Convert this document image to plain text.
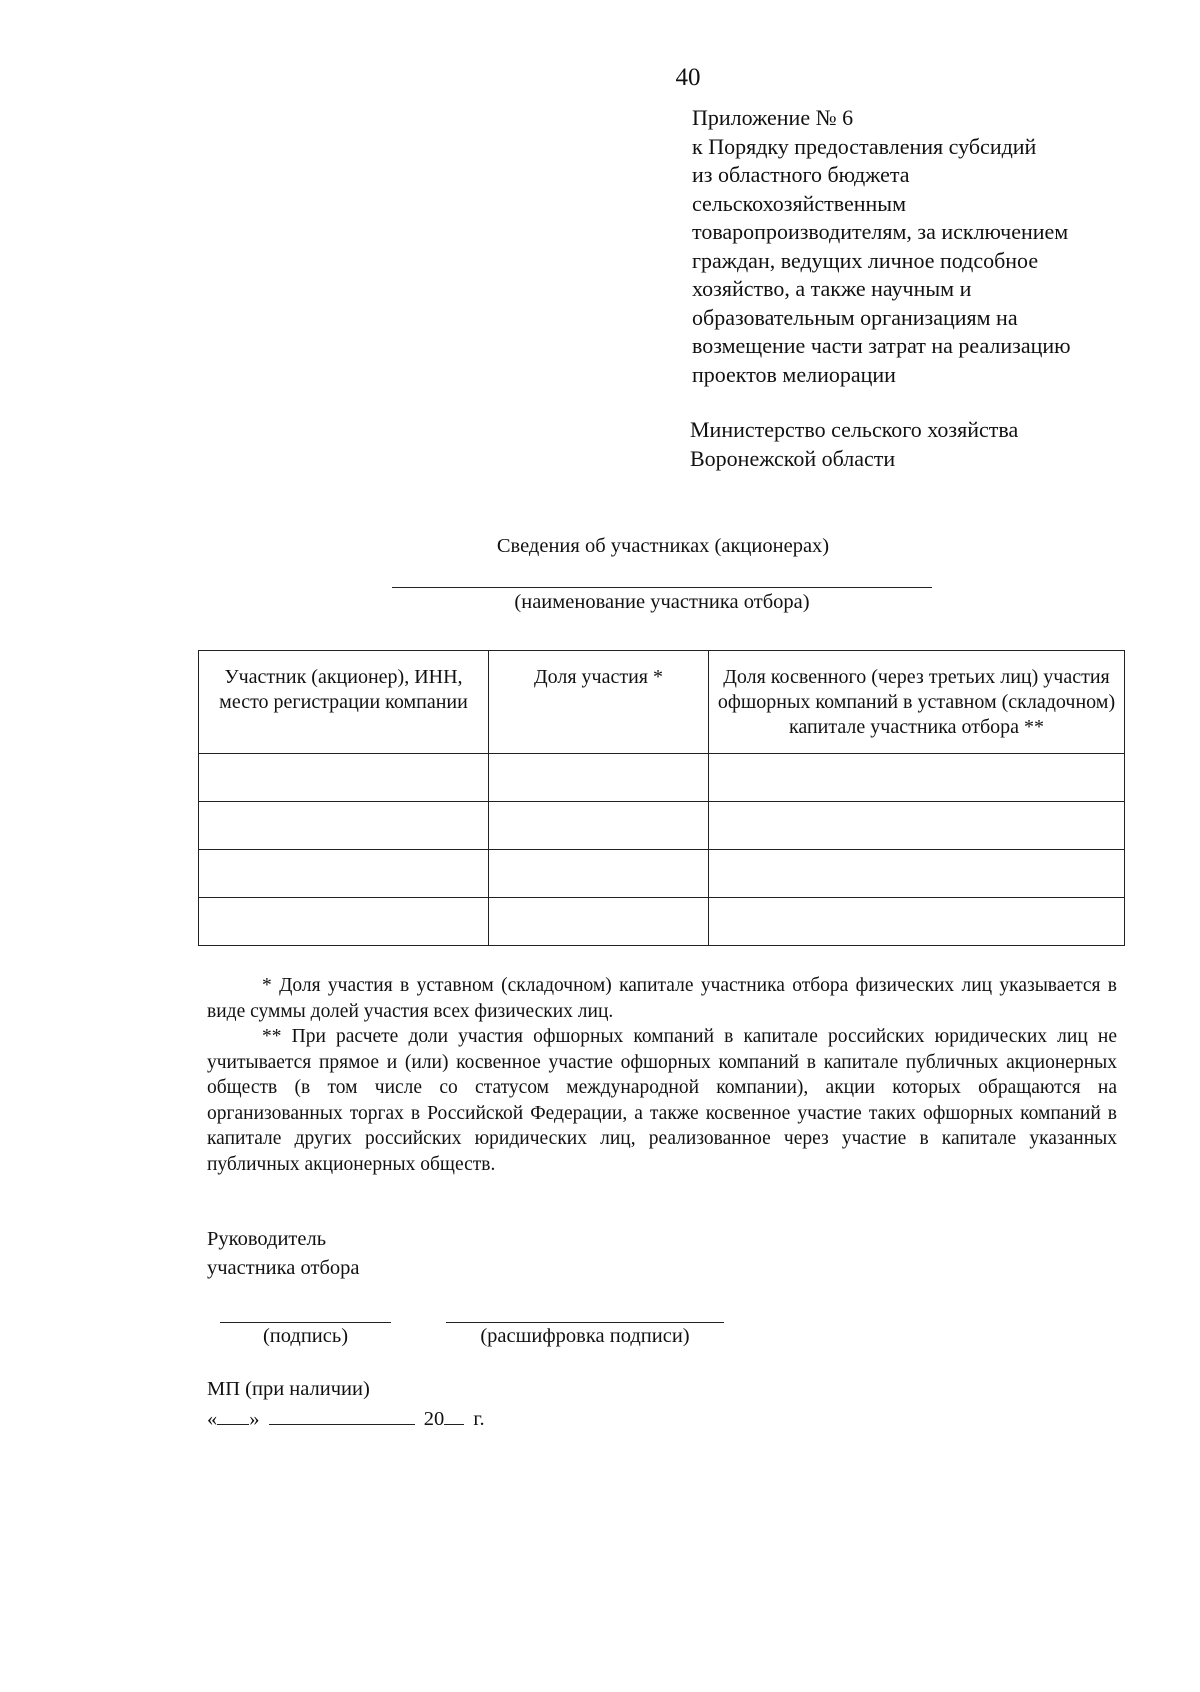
40
Приложение № 6
к Порядку предоставления субсидий
из областного бюджета
сельскохозяйственным
товаропроизводителям, за исключением
граждан, ведущих личное подсобное
хозяйство, а также научным и
образовательным организациям на
возмещение части затрат на реализацию
проектов мелиорации
Министерство сельского хозяйства
Воронежской области
Сведения об участниках (акционерах)
(наименование участника отбора)
Участник (акционер), ИНН, место регистрации компании	Доля участия *	Доля косвенного (через третьих лиц) участия офшорных компаний в уставном (складочном) капитале участника отбора **

* Доля участия в уставном (складочном) капитале участника отбора физических лиц указывается в виде суммы долей участия всех физических лиц.

** При расчете доли участия офшорных компаний в капитале российских юридических лиц не учитывается прямое и (или) косвенное участие офшорных компаний в капитале публичных акционерных обществ (в том числе со статусом международной компании), акции которых обращаются на организованных торгах в Российской Федерации, а также косвенное участие таких офшорных компаний в капитале других российских юридических лиц, реализованное через участие в капитале указанных публичных акционерных обществ.

Руководитель
участника отбора
(подпись)	(расшифровка подписи)
МП (при наличии)
« »	20 г.
